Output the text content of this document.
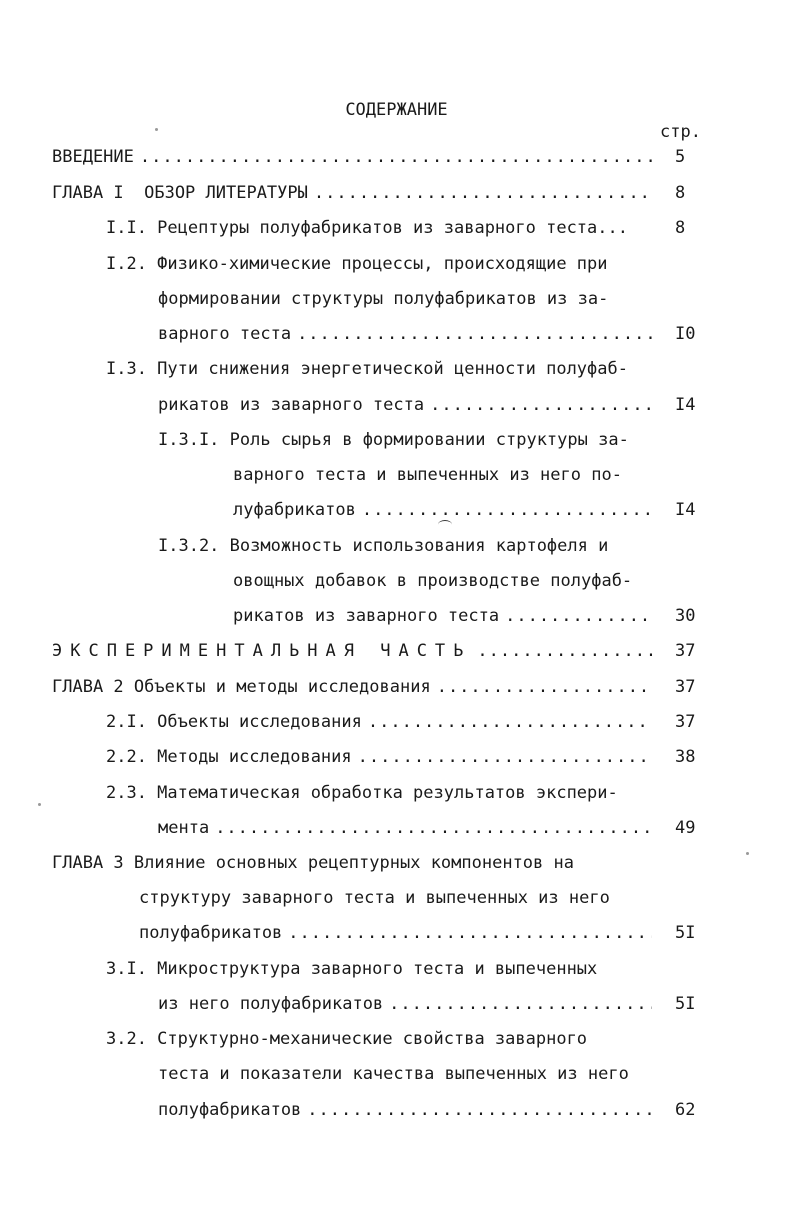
СОДЕРЖАНИЕ
стр.
ВВЕДЕНИЕ .....	5
ГЛАВА I  ОБЗОР ЛИТЕРАТУРЫ .....	8
I.I. Рецептуры полуфабрикатов из заварного теста...	8
I.2. Физико-химические процессы, происходящие при
формировании структуры полуфабрикатов из за-
варного теста .....	I0
I.3. Пути снижения энергетической ценности полуфаб-
рикатов из заварного теста .....	I4
I.3.I. Роль сырья в формировании структуры за-
варного теста и выпеченных из него по-
луфабрикатов .....	I4
I.3.2. Возможность использования картофеля и
овощных добавок в производстве полуфаб-
рикатов из заварного теста .....	30
ЭКСПЕРИМЕНТАЛЬНАЯ ЧАСТЬ .....	37
ГЛАВА 2 Объекты и методы исследования .....	37
2.I. Объекты исследования .....	37
2.2. Методы исследования .....	38
2.3. Математическая обработка результатов экспери-
мента .....	49
ГЛАВА 3 Влияние основных рецептурных компонентов на
структуру заварного теста и выпеченных из него
полуфабрикатов .....	5I
3.I. Микроструктура заварного теста и выпеченных
из него полуфабрикатов .....	5I
3.2. Структурно-механические свойства заварного
теста и показатели качества выпеченных из него
полуфабрикатов .....	62
